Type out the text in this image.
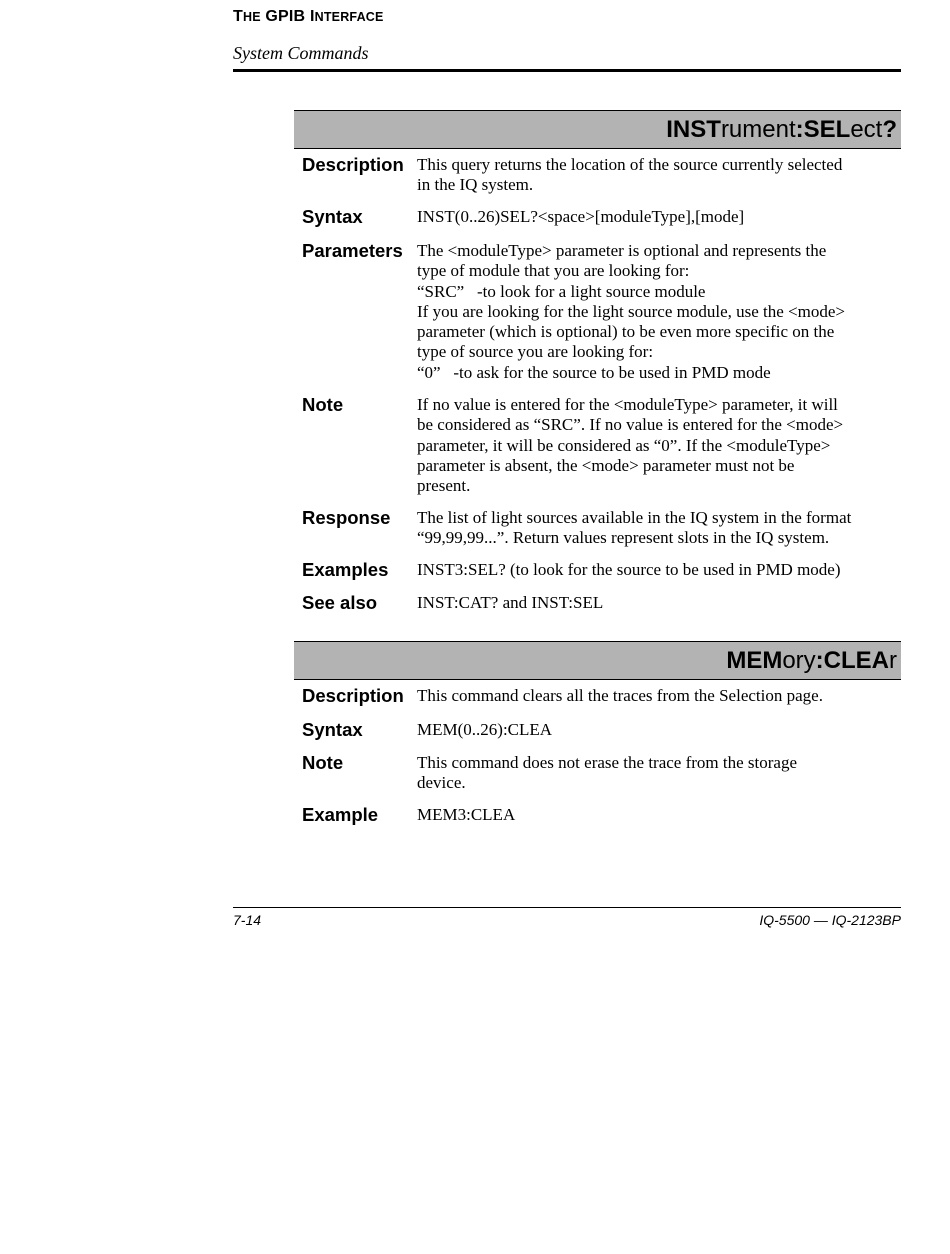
THE GPIB INTERFACE
System Commands
INSTrument:SELect?
Description This query returns the location of the source currently selected
in the IQ system.
Syntax	INST(0..26)SEL?<space>[moduleType],[mode]
Parameters The <moduleType> parameter is optional and represents the
type of module that you are looking for:
“SRC”   -to look for a light source module
If you are looking for the light source module, use the <mode>
parameter (which is optional) to be even more specific on the
type of source you are looking for:
“0”   -to ask for the source to be used in PMD mode
Note	If no value is entered for the <moduleType> parameter, it will
be considered as “SRC”. If no value is entered for the <mode>
parameter, it will be considered as “0”. If the <moduleType>
parameter is absent, the <mode> parameter must not be
present.
Response The list of light sources available in the IQ system in the format
“99,99,99...”. Return values represent slots in the IQ system.
Examples INST3:SEL? (to look for the source to be used in PMD mode)
See also INST:CAT? and INST:SEL
MEMory:CLEAr
Description This command clears all the traces from the Selection page.
Syntax	MEM(0..26):CLEA
Note	This command does not erase the trace from the storage
device.
Example MEM3:CLEA
7-14	IQ-5500 — IQ-2123BP
